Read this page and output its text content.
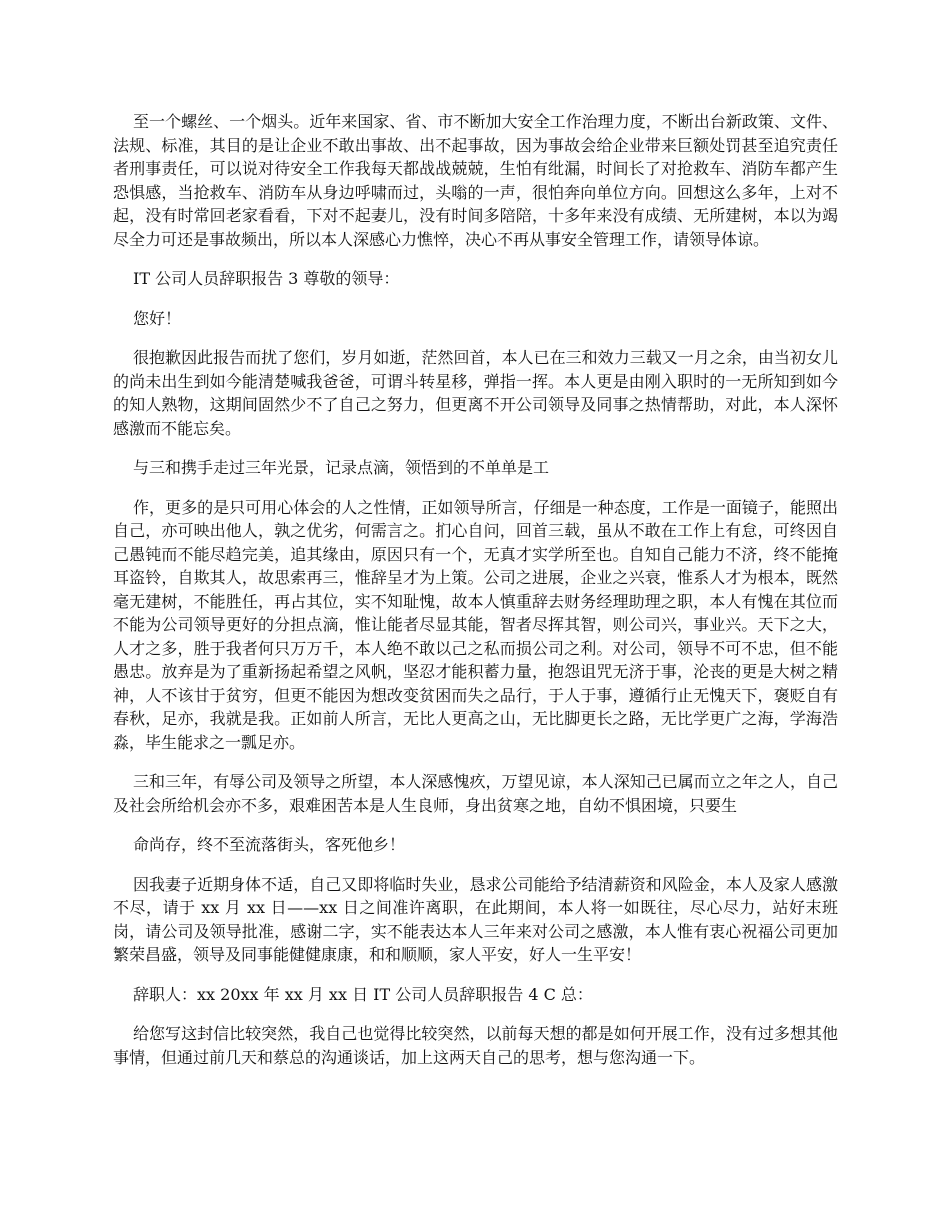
至一个螺丝、一个烟头。近年来国家、省、市不断加大安全工作治理力度，不断出台新政策、文件、法规、标准，其目的是让企业不敢出事故、出不起事故，因为事故会给企业带来巨额处罚甚至追究责任者刑事责任，可以说对待安全工作我每天都战战兢兢，生怕有纰漏，时间长了对抢救车、消防车都产生恐惧感，当抢救车、消防车从身边呼啸而过，头嗡的一声，很怕奔向单位方向。回想这么多年，上对不起，没有时常回老家看看，下对不起妻儿，没有时间多陪陪，十多年来没有成绩、无所建树，本以为竭尽全力可还是事故频出，所以本人深感心力憔悴，决心不再从事安全管理工作，请领导体谅。

IT 公司人员辞职报告 3 尊敬的领导：

您好！

很抱歉因此报告而扰了您们，岁月如逝，茫然回首，本人已在三和效力三载又一月之余，由当初女儿的尚未出生到如今能清楚喊我爸爸，可谓斗转星移，弹指一挥。本人更是由刚入职时的一无所知到如今的知人熟物，这期间固然少不了自己之努力，但更离不开公司领导及同事之热情帮助，对此，本人深怀感激而不能忘矣。

与三和携手走过三年光景，记录点滴，领悟到的不单单是工

作，更多的是只可用心体会的人之性情，正如领导所言，仔细是一种态度，工作是一面镜子，能照出自己，亦可映出他人，孰之优劣，何需言之。扪心自问，回首三载，虽从不敢在工作上有怠，可终因自己愚钝而不能尽趋完美，追其缘由，原因只有一个，无真才实学所至也。自知自己能力不济，终不能掩耳盗铃，自欺其人，故思索再三，惟辞呈才为上策。公司之进展，企业之兴衰，惟系人才为根本，既然毫无建树，不能胜任，再占其位，实不知耻愧，故本人慎重辞去财务经理助理之职，本人有愧在其位而不能为公司领导更好的分担点滴，惟让能者尽显其能，智者尽挥其智，则公司兴，事业兴。天下之大，人才之多，胜于我者何只万万千，本人绝不敢以己之私而损公司之利。对公司，领导不可不忠，但不能愚忠。放弃是为了重新扬起希望之风帆，坚忍才能积蓄力量，抱怨诅咒无济于事，沦丧的更是大树之精神，人不该甘于贫穷，但更不能因为想改变贫困而失之品行，于人于事，遵循行止无愧天下，褒贬自有春秋，足亦，我就是我。正如前人所言，无比人更高之山，无比脚更长之路，无比学更广之海，学海浩淼，毕生能求之一瓢足亦。

三和三年，有辱公司及领导之所望，本人深感愧疚，万望见谅，本人深知己已属而立之年之人，自己及社会所给机会亦不多，艰难困苦本是人生良师，身出贫寒之地，自幼不惧困境，只要生

命尚存，终不至流落街头，客死他乡！

因我妻子近期身体不适，自己又即将临时失业，恳求公司能给予结清薪资和风险金，本人及家人感激不尽，请于 xx 月 xx 日——xx 日之间准许离职，在此期间，本人将一如既往，尽心尽力，站好末班岗，请公司及领导批准，感谢二字，实不能表达本人三年来对公司之感激，本人惟有衷心祝福公司更加繁荣昌盛，领导及同事能健健康康，和和顺顺，家人平安，好人一生平安！

辞职人：xx 20xx 年 xx 月 xx 日 IT 公司人员辞职报告 4 C 总：

给您写这封信比较突然，我自己也觉得比较突然，以前每天想的都是如何开展工作，没有过多想其他事情，但通过前几天和蔡总的沟通谈话，加上这两天自己的思考，想与您沟通一下。
